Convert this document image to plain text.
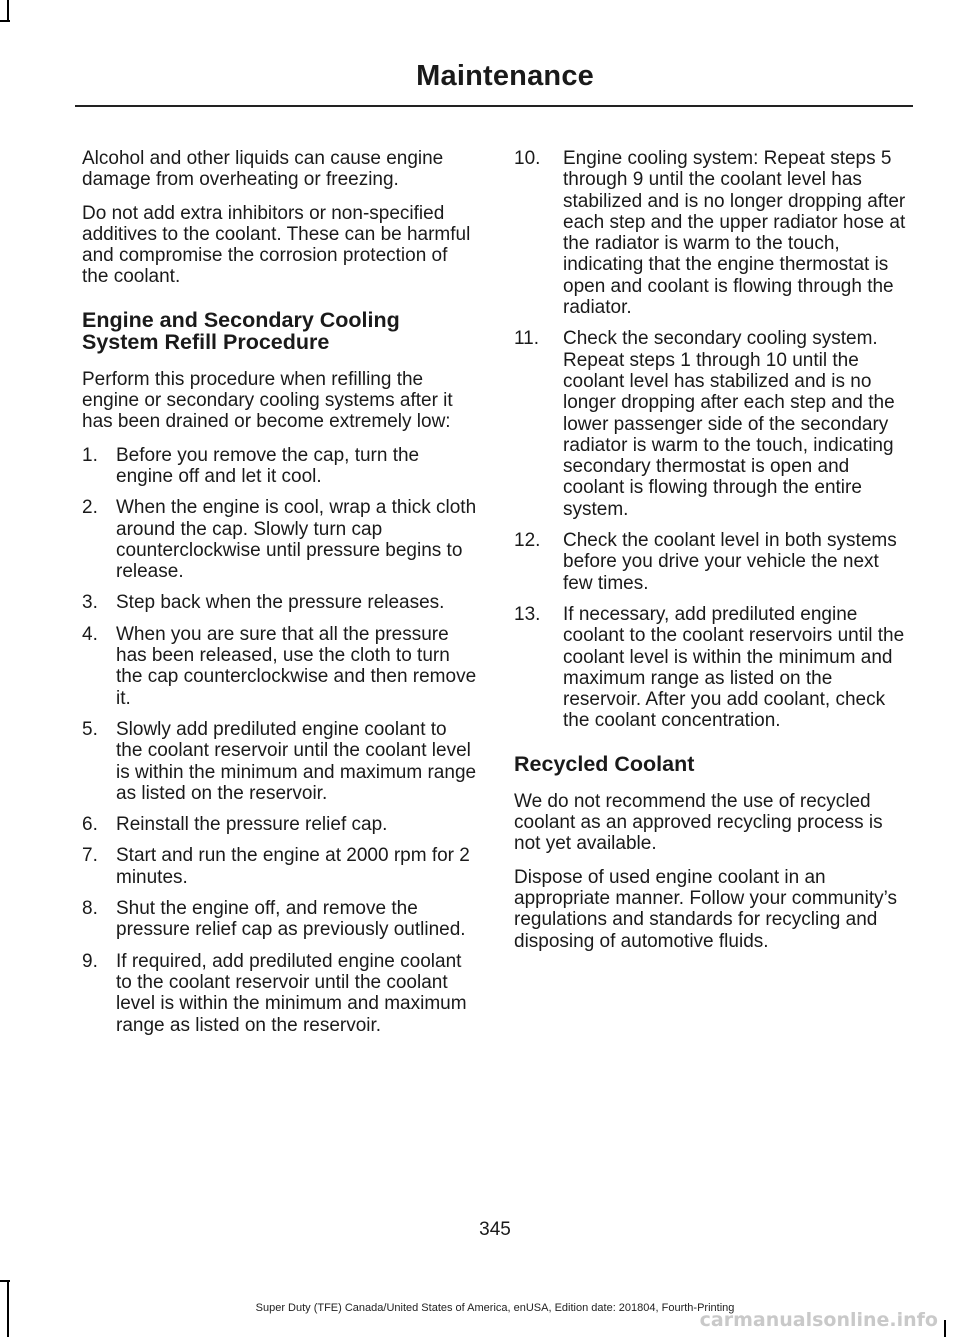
Maintenance

Alcohol and other liquids can cause engine damage from overheating or freezing.

Do not add extra inhibitors or non-specified additives to the coolant. These can be harmful and compromise the corrosion protection of the coolant.

Engine and Secondary Cooling System Refill Procedure

Perform this procedure when refilling the engine or secondary cooling systems after it has been drained or become extremely low:

1. Before you remove the cap, turn the engine off and let it cool.
2. When the engine is cool, wrap a thick cloth around the cap. Slowly turn cap counterclockwise until pressure begins to release.
3. Step back when the pressure releases.
4. When you are sure that all the pressure has been released, use the cloth to turn the cap counterclockwise and then remove it.
5. Slowly add prediluted engine coolant to the coolant reservoir until the coolant level is within the minimum and maximum range as listed on the reservoir.
6. Reinstall the pressure relief cap.
7. Start and run the engine at 2000 rpm for 2 minutes.
8. Shut the engine off, and remove the pressure relief cap as previously outlined.
9. If required, add prediluted engine coolant to the coolant reservoir until the coolant level is within the minimum and maximum range as listed on the reservoir.
10. Engine cooling system: Repeat steps 5 through 9 until the coolant level has stabilized and is no longer dropping after each step and the upper radiator hose at the radiator is warm to the touch, indicating that the engine thermostat is open and coolant is flowing through the radiator.
11. Check the secondary cooling system. Repeat steps 1 through 10 until the coolant level has stabilized and is no longer dropping after each step and the lower passenger side of the secondary radiator is warm to the touch, indicating secondary thermostat is open and coolant is flowing through the entire system.
12. Check the coolant level in both systems before you drive your vehicle the next few times.
13. If necessary, add prediluted engine coolant to the coolant reservoirs until the coolant level is within the minimum and maximum range as listed on the reservoir. After you add coolant, check the coolant concentration.
Recycled Coolant

We do not recommend the use of recycled coolant as an approved recycling process is not yet available.

Dispose of used engine coolant in an appropriate manner. Follow your community’s regulations and standards for recycling and disposing of automotive fluids.

345
Super Duty (TFE) Canada/United States of America, enUSA, Edition date: 201804, Fourth-Printing
carmanualsonline.info
